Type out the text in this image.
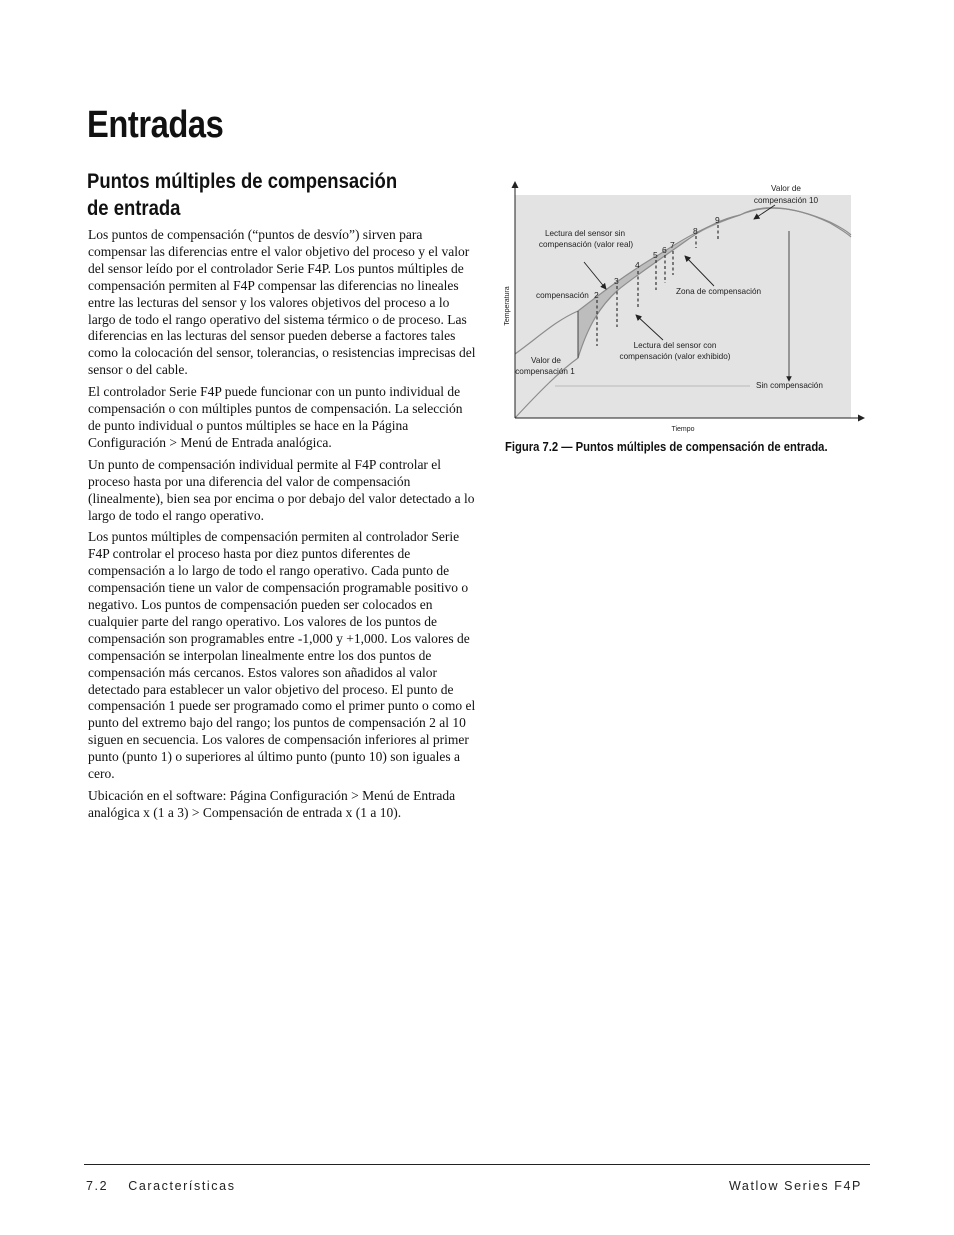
Entradas
Puntos múltiples de compensación de entrada

Los puntos de compensación (“puntos de desvío”) sirven para compensar las diferencias entre el valor objetivo del proceso y el valor del sensor leído por el controlador Serie F4P. Los puntos múltiples de compensación permiten al F4P compensar las diferencias no lineales entre las lecturas del sensor y los valores objetivos del proceso a lo largo de todo el rango operativo del sistema térmico o de proceso. Las diferencias en las lecturas del sensor pueden deberse a factores tales como la colocación del sensor, tolerancias, o resistencias imprecisas del sensor o del cable.

El controlador Serie F4P puede funcionar con un punto individual de compensación o con múltiples puntos de compensación. La selección de punto individual o puntos múltiples se hace en la Página Configuración > Menú de Entrada analógica.

Un punto de compensación individual permite al F4P controlar el proceso hasta por una diferencia del valor de compensación (linealmente), bien sea por encima o por debajo del valor detectado a lo largo de todo el rango operativo.

Los puntos múltiples de compensación permiten al controlador Serie F4P controlar el proceso hasta por diez puntos diferentes de compensación a lo largo de todo el rango operativo. Cada punto de compensación tiene un valor de compensación programable positivo o negativo. Los puntos de compensación pueden ser colocados en cualquier parte del rango operativo. Los valores de los puntos de compensación son programables entre -1,000 y +1,000. Los valores de compensación se interpolan linealmente entre los dos puntos de compensación más cercanos. Estos valores son añadidos al valor detectado para establecer un valor objetivo del proceso. El punto de compensación 1 puede ser programado como el primer punto o como el punto del extremo bajo del rango; los puntos de compensación 2 al 10 siguen en secuencia. Los valores de compensación inferiores al primer punto (punto 1) o superiores al último punto (punto 10) son iguales a cero.

Ubicación en el software: Página Configuración > Menú de Entrada analógica x (1 a 3) > Compensación de entrada x (1 a 10).

Valor de
compensación 10
Lectura del sensor sin
compensación (valor real)
compensación	Zona de compensación
Lectura del sensor con
compensación (valor exhibido)
Valor de
compensación 1
Sin compensación
Tiempo
Temperatura	2
3
4
5 6 7
8
9

Figura 7.2 — Puntos múltiples de compensación de entrada.

7.2 Características	Watlow Series F4P
